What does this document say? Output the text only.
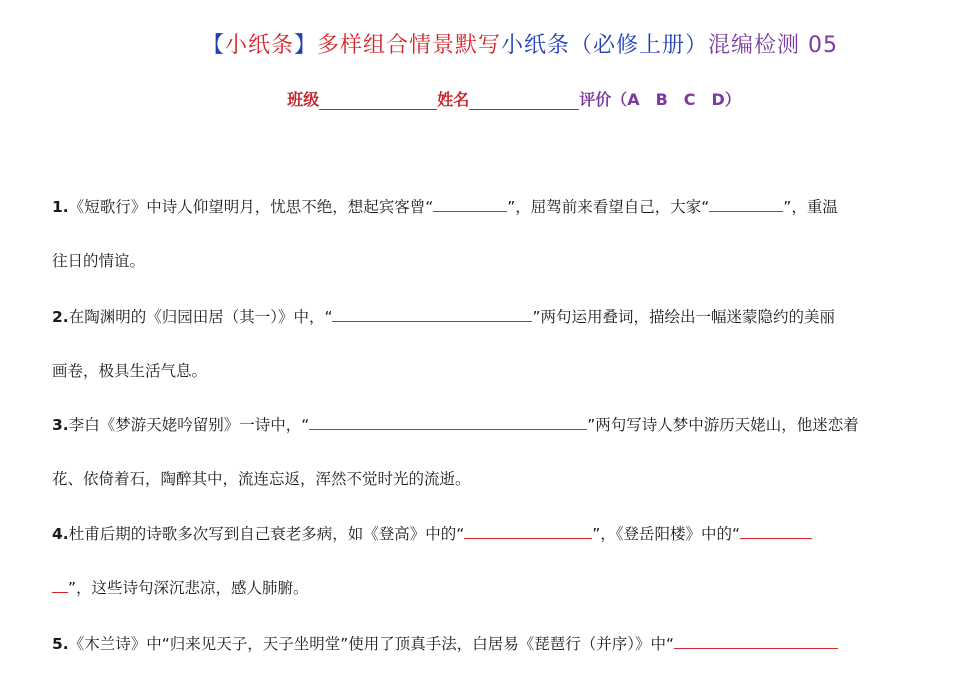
【小纸条】多样组合情景默写小纸条（必修上册）混编检测 05
班级	姓名	评价（A　B　C　D）

1.《短歌行》中诗人仰望明月，忧思不绝，想起宾客曾“	”，屈驾前来看望自己，大家“	”，重温

往日的情谊。

2.在陶渊明的《归园田居（其一）》中，“	”两句运用叠词，描绘出一幅迷蒙隐约的美丽

画卷，极具生活气息。

3.李白《梦游天姥吟留别》一诗中，“	”两句写诗人梦中游历天姥山，他迷恋着

花、依倚着石，陶醉其中，流连忘返，浑然不觉时光的流逝。

4.杜甫后期的诗歌多次写到自己衰老多病，如《登高》中的“	”，《登岳阳楼》中的“

”，这些诗句深沉悲凉，感人肺腑。

5.《木兰诗》中“归来见天子，天子坐明堂”使用了顶真手法，白居易《琵琶行（并序）》中“
